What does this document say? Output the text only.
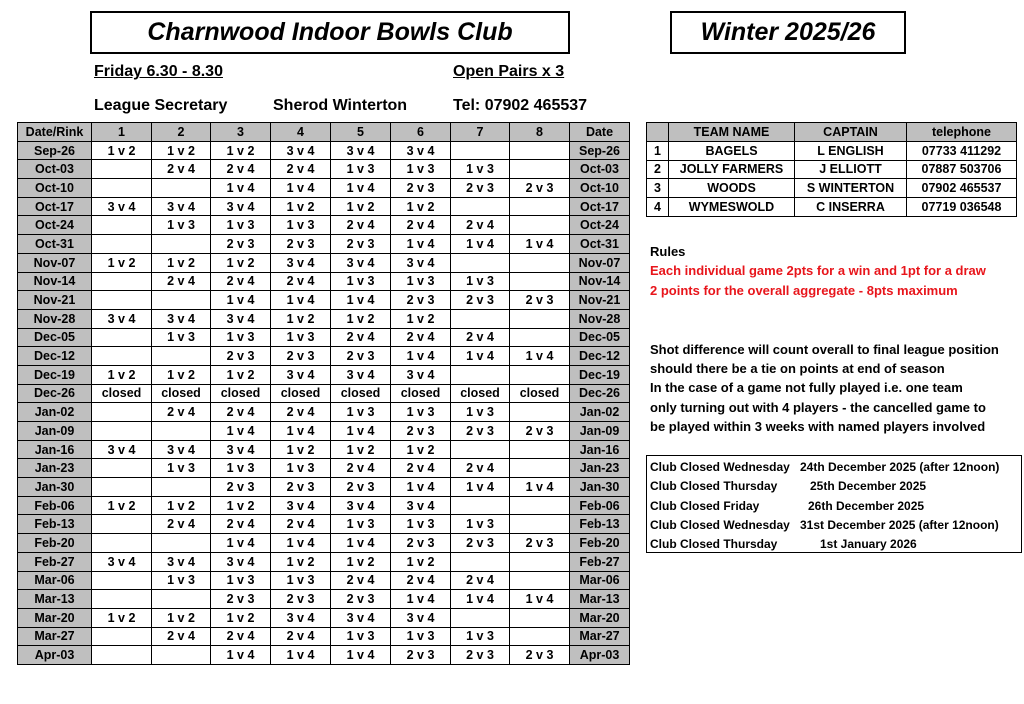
Charnwood Indoor Bowls Club	Winter 2025/26
Friday 6.30 - 8.30	Open Pairs x 3
League Secretary	Sherod Winterton	Tel: 07902 465537
Date/Rink	1	2	3	4	5	6	7	8	Date
Sep-26	1 v 2	1 v 2	1 v 2	3 v 4	3 v 4	3 v 4			Sep-26
Oct-03		2 v 4	2 v 4	2 v 4	1 v 3	1 v 3	1 v 3		Oct-03
Oct-10			1 v 4	1 v 4	1 v 4	2 v 3	2 v 3	2 v 3	Oct-10
Oct-17	3 v 4	3 v 4	3 v 4	1 v 2	1 v 2	1 v 2			Oct-17
Oct-24		1 v 3	1 v 3	1 v 3	2 v 4	2 v 4	2 v 4		Oct-24
Oct-31			2 v 3	2 v 3	2 v 3	1 v 4	1 v 4	1 v 4	Oct-31
Nov-07	1 v 2	1 v 2	1 v 2	3 v 4	3 v 4	3 v 4			Nov-07
Nov-14		2 v 4	2 v 4	2 v 4	1 v 3	1 v 3	1 v 3		Nov-14
Nov-21			1 v 4	1 v 4	1 v 4	2 v 3	2 v 3	2 v 3	Nov-21
Nov-28	3 v 4	3 v 4	3 v 4	1 v 2	1 v 2	1 v 2			Nov-28
Dec-05		1 v 3	1 v 3	1 v 3	2 v 4	2 v 4	2 v 4		Dec-05
Dec-12			2 v 3	2 v 3	2 v 3	1 v 4	1 v 4	1 v 4	Dec-12
Dec-19	1 v 2	1 v 2	1 v 2	3 v 4	3 v 4	3 v 4			Dec-19
Dec-26	closed	closed	closed	closed	closed	closed	closed	closed	Dec-26
Jan-02		2 v 4	2 v 4	2 v 4	1 v 3	1 v 3	1 v 3		Jan-02
Jan-09			1 v 4	1 v 4	1 v 4	2 v 3	2 v 3	2 v 3	Jan-09
Jan-16	3 v 4	3 v 4	3 v 4	1 v 2	1 v 2	1 v 2			Jan-16
Jan-23		1 v 3	1 v 3	1 v 3	2 v 4	2 v 4	2 v 4		Jan-23
Jan-30			2 v 3	2 v 3	2 v 3	1 v 4	1 v 4	1 v 4	Jan-30
Feb-06	1 v 2	1 v 2	1 v 2	3 v 4	3 v 4	3 v 4			Feb-06
Feb-13		2 v 4	2 v 4	2 v 4	1 v 3	1 v 3	1 v 3		Feb-13
Feb-20			1 v 4	1 v 4	1 v 4	2 v 3	2 v 3	2 v 3	Feb-20
Feb-27	3 v 4	3 v 4	3 v 4	1 v 2	1 v 2	1 v 2			Feb-27
Mar-06		1 v 3	1 v 3	1 v 3	2 v 4	2 v 4	2 v 4		Mar-06
Mar-13			2 v 3	2 v 3	2 v 3	1 v 4	1 v 4	1 v 4	Mar-13
Mar-20	1 v 2	1 v 2	1 v 2	3 v 4	3 v 4	3 v 4			Mar-20
Mar-27		2 v 4	2 v 4	2 v 4	1 v 3	1 v 3	1 v 3		Mar-27
Apr-03			1 v 4	1 v 4	1 v 4	2 v 3	2 v 3	2 v 3	Apr-03
	TEAM NAME	CAPTAIN	telephone
1	BAGELS	L ENGLISH	07733 411292
2	JOLLY FARMERS	J ELLIOTT	07887 503706
3	WOODS	S WINTERTON	07902 465537
4	WYMESWOLD	C INSERRA	07719 036548
Rules
Each individual game 2pts for a win and 1pt for a draw
2 points for the overall aggregate - 8pts maximum
Shot difference will count overall to final league position
should there be a tie on points at end of season
In the case of a game not fully played i.e. one team
only turning out with 4 players - the cancelled game to
be played within 3 weeks with named players involved
Club Closed Wednesday 24th December 2025 (after 12noon)
Club Closed Thursday	25th December 2025
Club Closed Friday	26th December 2025
Club Closed Wednesday 31st December 2025 (after 12noon)
Club Closed Thursday	1st January 2026
